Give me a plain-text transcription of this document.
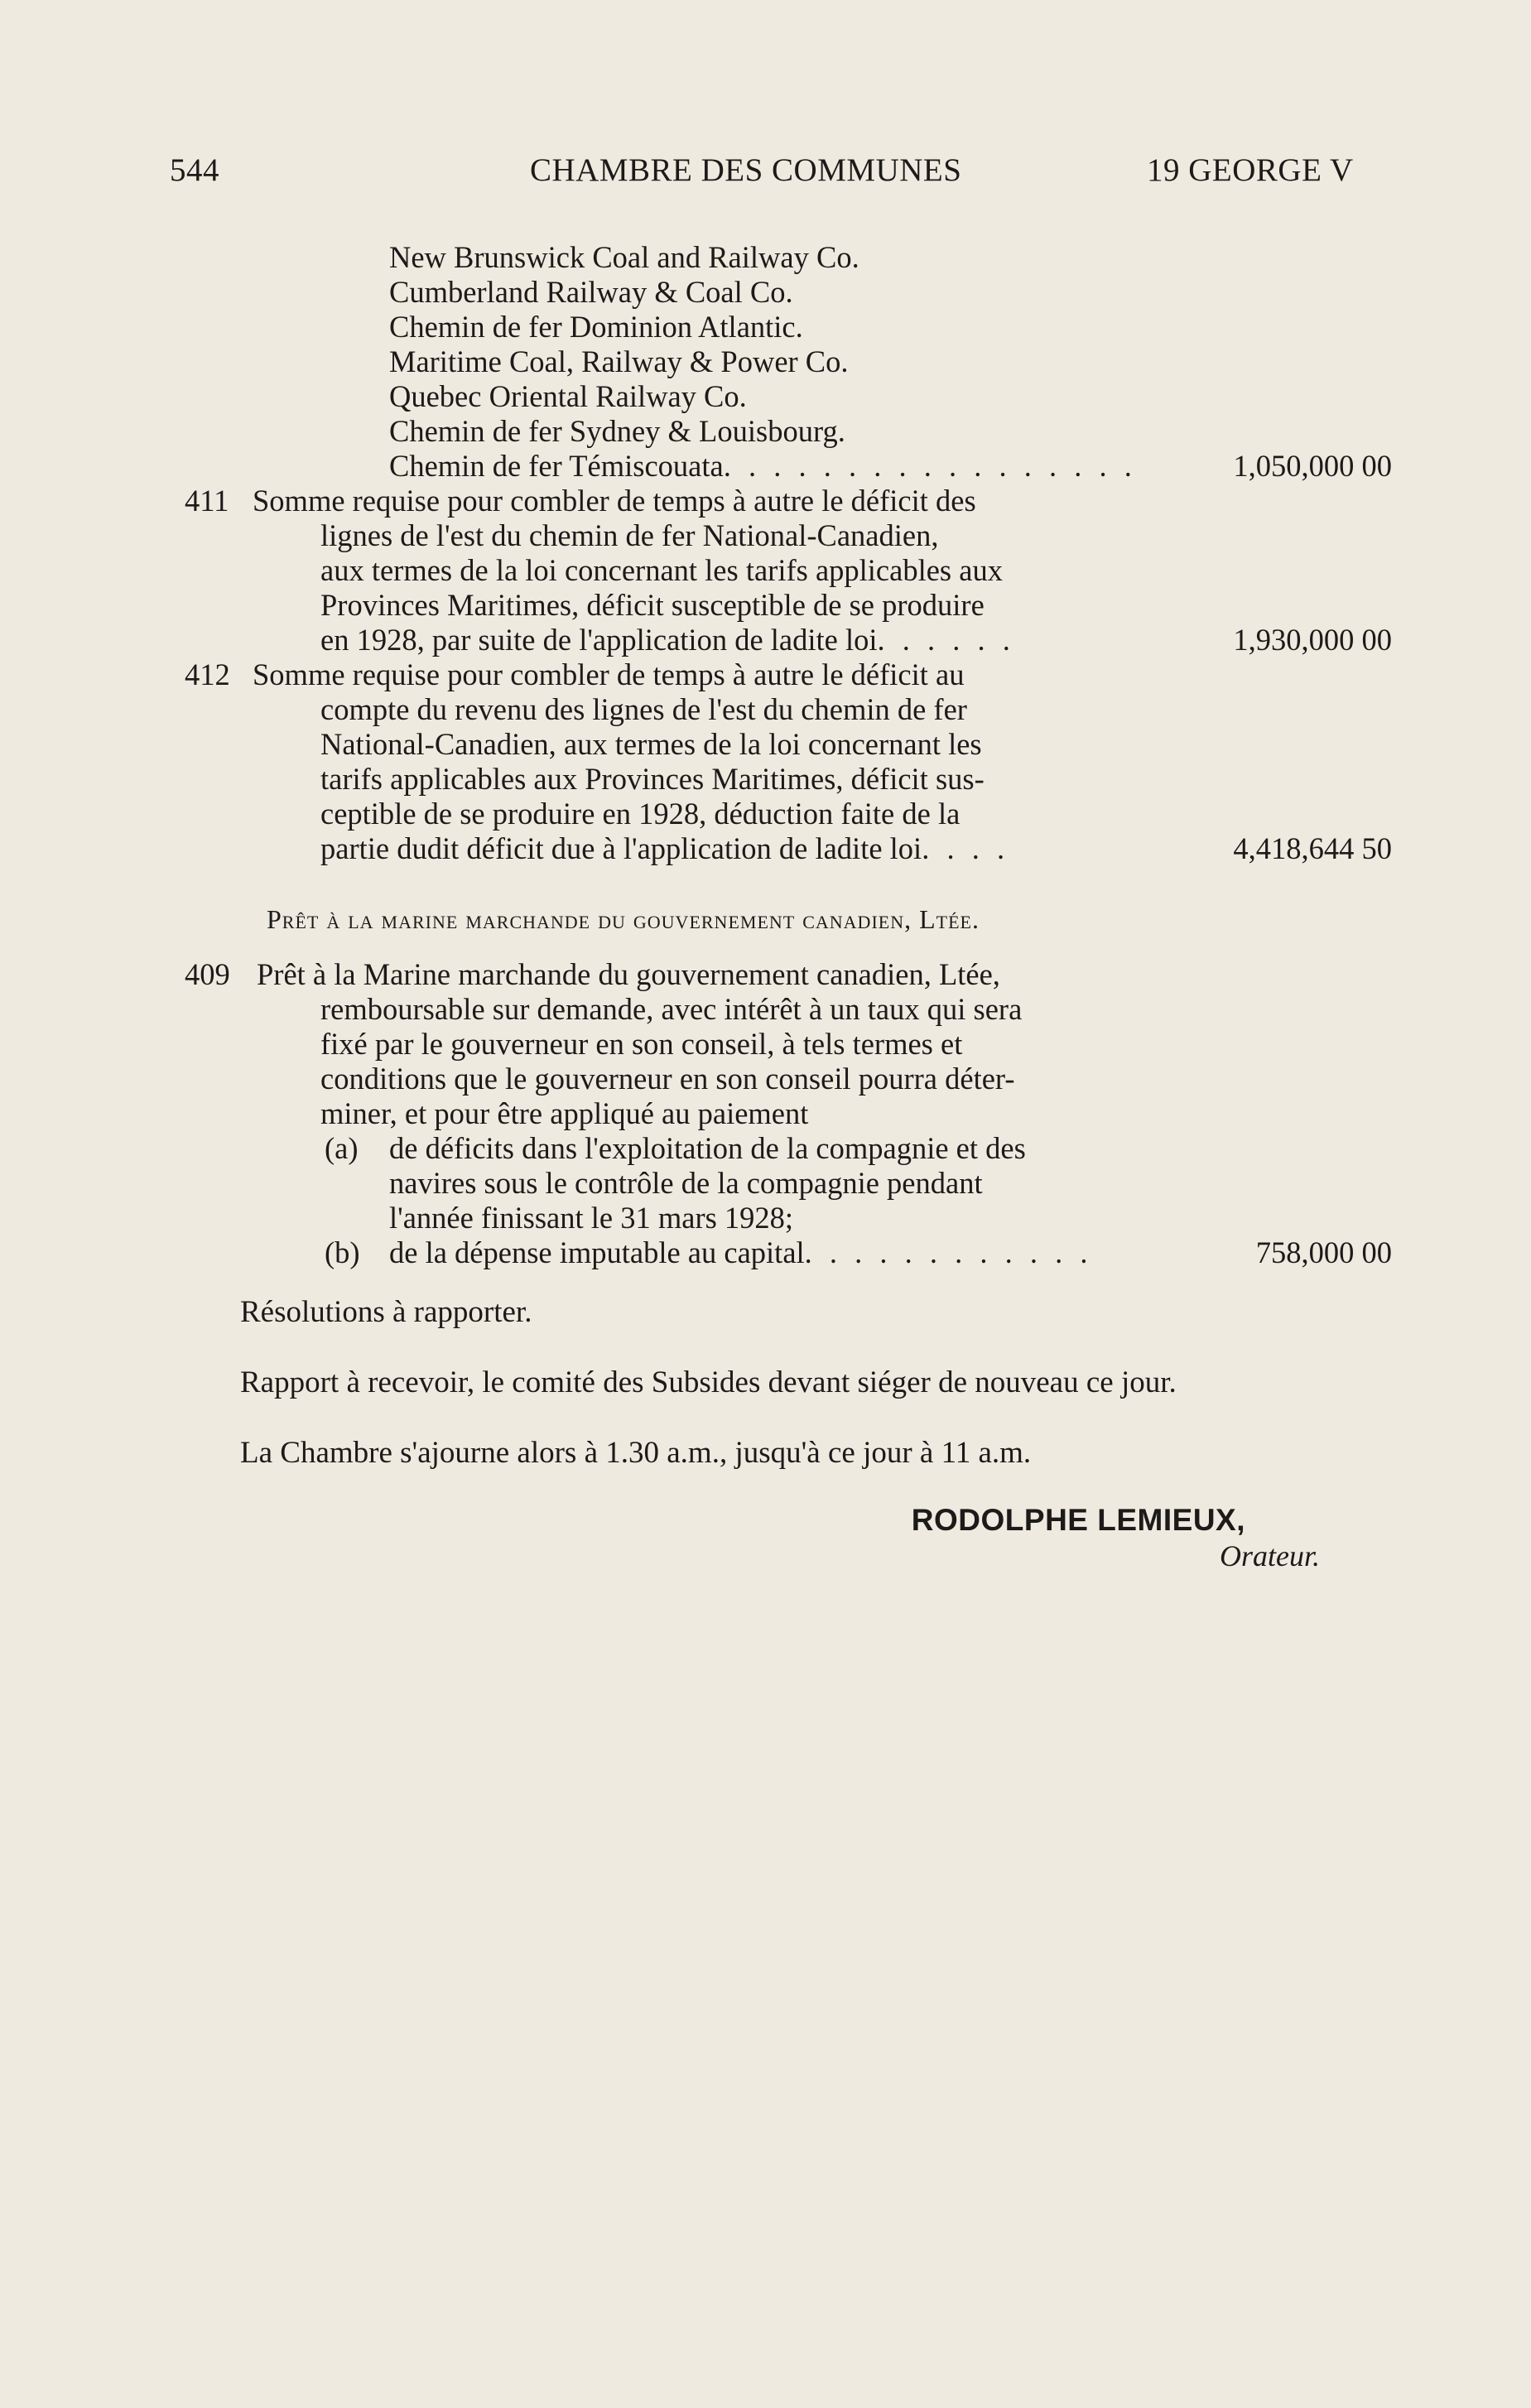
544	CHAMBRE DES COMMUNES	19 GEORGE V
New Brunswick Coal and Railway Co.
Cumberland Railway & Coal Co.
Chemin de fer Dominion Atlantic.
Maritime Coal, Railway & Power Co.
Quebec Oriental Railway Co.
Chemin de fer Sydney & Louisbourg.
Chemin de fer Témiscouata. . . . . . . . . . . . . . . . .	1,050,000 00
411 Somme requise pour combler de temps à autre le déficit des
lignes de l'est du chemin de fer National-Canadien,
aux termes de la loi concernant les tarifs applicables aux
Provinces Maritimes, déficit susceptible de se produire
en 1928, par suite de l'application de ladite loi. . . . . .	1,930,000 00
412 Somme requise pour combler de temps à autre le déficit au
compte du revenu des lignes de l'est du chemin de fer
National-Canadien, aux termes de la loi concernant les
tarifs applicables aux Provinces Maritimes, déficit sus-
ceptible de se produire en 1928, déduction faite de la
partie dudit déficit due à l'application de ladite loi. . . .	4,418,644 50
Prêt à la marine marchande du gouvernement canadien, Ltée.
409 Prêt à la Marine marchande du gouvernement canadien, Ltée,
remboursable sur demande, avec intérêt à un taux qui sera
fixé par le gouverneur en son conseil, à tels termes et
conditions que le gouverneur en son conseil pourra déter-
miner, et pour être appliqué au paiement
(a) de déficits dans l'exploitation de la compagnie et des
navires sous le contrôle de la compagnie pendant
l'année finissant le 31 mars 1928;
(b) de la dépense imputable au capital. . . . . . . . . . . .	758,000 00
Résolutions à rapporter.
Rapport à recevoir, le comité des Subsides devant siéger de nouveau ce jour.
La Chambre s'ajourne alors à 1.30 a.m., jusqu'à ce jour à 11 a.m.
RODOLPHE LEMIEUX,
Orateur.
